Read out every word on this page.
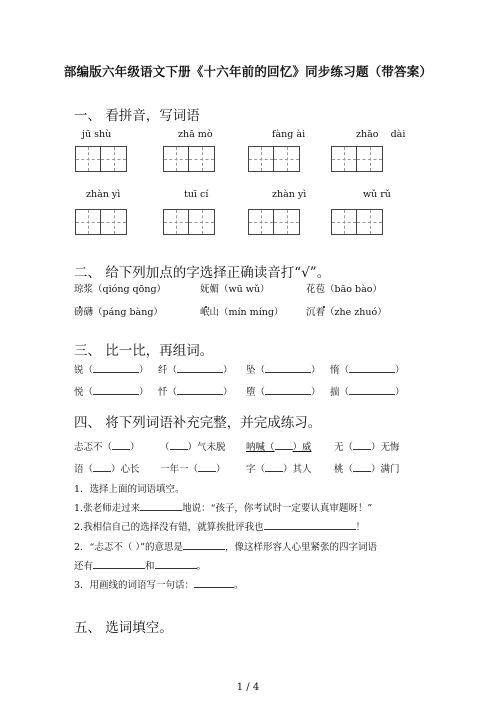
部编版六年级语文下册《十六年前的回忆》同步练习题（带答案）
一、 看拼音，写词语
jū shù	zhā mò	fàng ài	zhāo    dài
zhàn yì	tuī cí	zhàn yì	wǔ rǔ
二、 给下列加点的字选择正确读音打“√”。
琼浆（qióng qōng）	妩媚（wū wǔ）	花苞（bāo bào）
磅礴（páng bàng）	岷山（mín míng） 沉着（zhe zhuó）
三、 比一比，再组词。
锐（	） 纤（	） 坠（	） 惰（	）
悦（	） 忏（	） 堕（	） 揣（	）
四、 将下列词语补充完整，并完成练习。
忐忑不（ ） （ ）气未脱 呐喊（ ）威 无（ ）无悔
语（ ）心长 一年一（ ） 字（ ）其人 桃（ ）满门
1．选择上面的词语填空。
1.张老师走过来	地说：“孩子，你考试时一定要认真审题呀！”
2.我相信自己的选择没有错，就算挨批评我也	！
2．“忐忑不（ ）”的意思是	，像这样形容人心里紧张的四字词语
还有	和	。
3．用画线的词语写一句话：	。
五、 选词填空。
1 / 4
